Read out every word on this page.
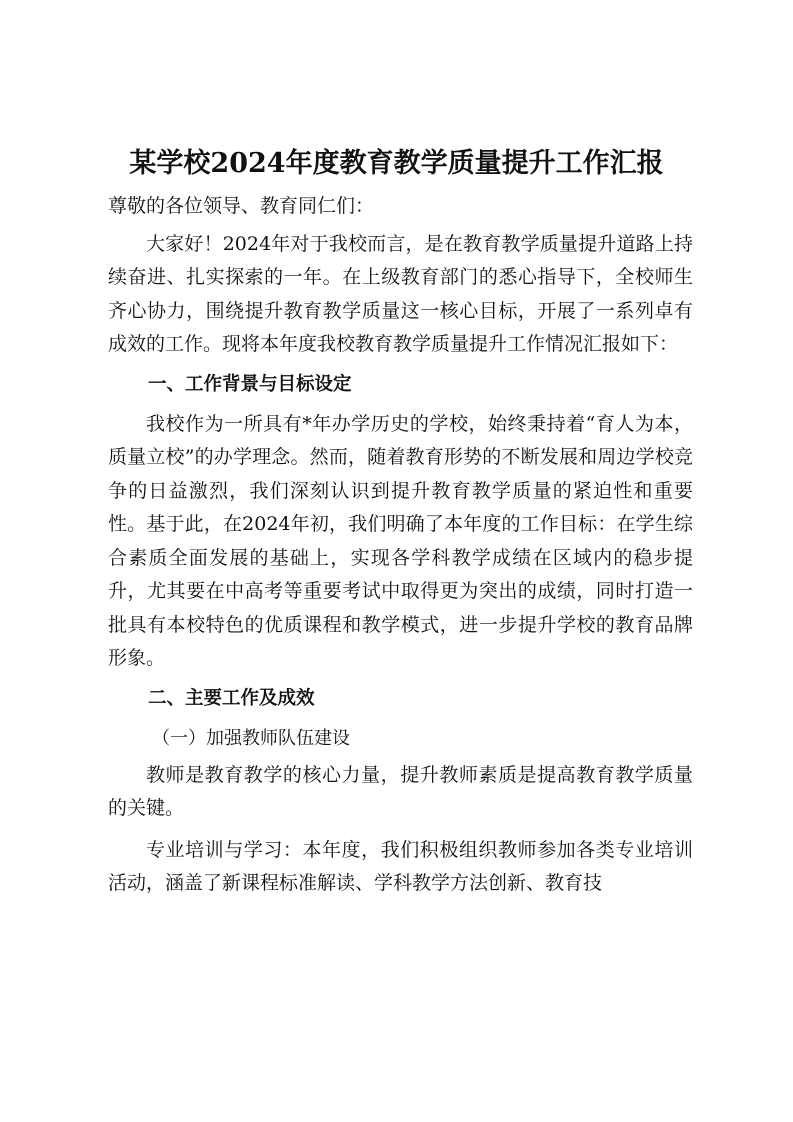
某学校2024年度教育教学质量提升工作汇报

尊敬的各位领导、教育同仁们：

大家好！2024年对于我校而言，是在教育教学质量提升道路上持续奋进、扎实探索的一年。在上级教育部门的悉心指导下，全校师生齐心协力，围绕提升教育教学质量这一核心目标，开展了一系列卓有成效的工作。现将本年度我校教育教学质量提升工作情况汇报如下：

一、工作背景与目标设定

我校作为一所具有*年办学历史的学校，始终秉持着“育人为本，质量立校”的办学理念。然而，随着教育形势的不断发展和周边学校竞争的日益激烈，我们深刻认识到提升教育教学质量的紧迫性和重要性。基于此，在2024年初，我们明确了本年度的工作目标：在学生综合素质全面发展的基础上，实现各学科教学成绩在区域内的稳步提升，尤其要在中高考等重要考试中取得更为突出的成绩，同时打造一批具有本校特色的优质课程和教学模式，进一步提升学校的教育品牌形象。

二、主要工作及成效

（一）加强教师队伍建设

教师是教育教学的核心力量，提升教师素质是提高教育教学质量的关键。

专业培训与学习：本年度，我们积极组织教师参加各类专业培训活动，涵盖了新课程标准解读、学科教学方法创新、教育技
